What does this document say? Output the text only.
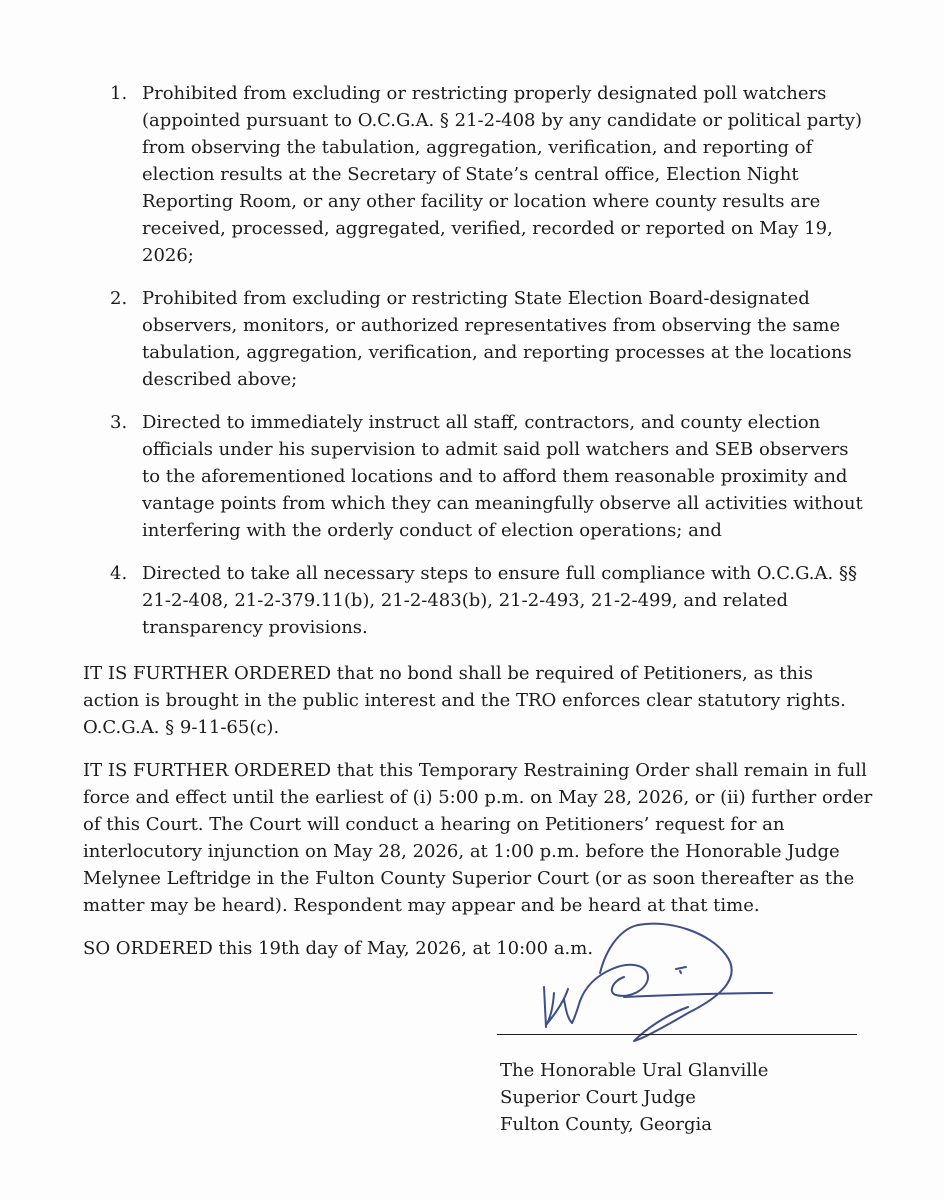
1. Prohibited from excluding or restricting properly designated poll watchers (appointed pursuant to O.C.G.A. § 21-2-408 by any candidate or political party) from observing the tabulation, aggregation, verification, and reporting of election results at the Secretary of State’s central office, Election Night Reporting Room, or any other facility or location where county results are received, processed, aggregated, verified, recorded or reported on May 19, 2026;
2. Prohibited from excluding or restricting State Election Board-designated observers, monitors, or authorized representatives from observing the same tabulation, aggregation, verification, and reporting processes at the locations described above;
3. Directed to immediately instruct all staff, contractors, and county election officials under his supervision to admit said poll watchers and SEB observers to the aforementioned locations and to afford them reasonable proximity and vantage points from which they can meaningfully observe all activities without interfering with the orderly conduct of election operations; and
4. Directed to take all necessary steps to ensure full compliance with O.C.G.A. §§ 21-2-408, 21-2-379.11(b), 21-2-483(b), 21-2-493, 21-2-499, and related transparency provisions.

IT IS FURTHER ORDERED that no bond shall be required of Petitioners, as this action is brought in the public interest and the TRO enforces clear statutory rights. O.C.G.A. § 9-11-65(c).

IT IS FURTHER ORDERED that this Temporary Restraining Order shall remain in full force and effect until the earliest of (i) 5:00 p.m. on May 28, 2026, or (ii) further order of this Court. The Court will conduct a hearing on Petitioners’ request for an interlocutory injunction on May 28, 2026, at 1:00 p.m. before the Honorable Judge Melynee Leftridge in the Fulton County Superior Court (or as soon thereafter as the matter may be heard). Respondent may appear and be heard at that time.

SO ORDERED this 19th day of May, 2026, at 10:00 a.m.

The Honorable Ural Glanville
Superior Court Judge
Fulton County, Georgia
